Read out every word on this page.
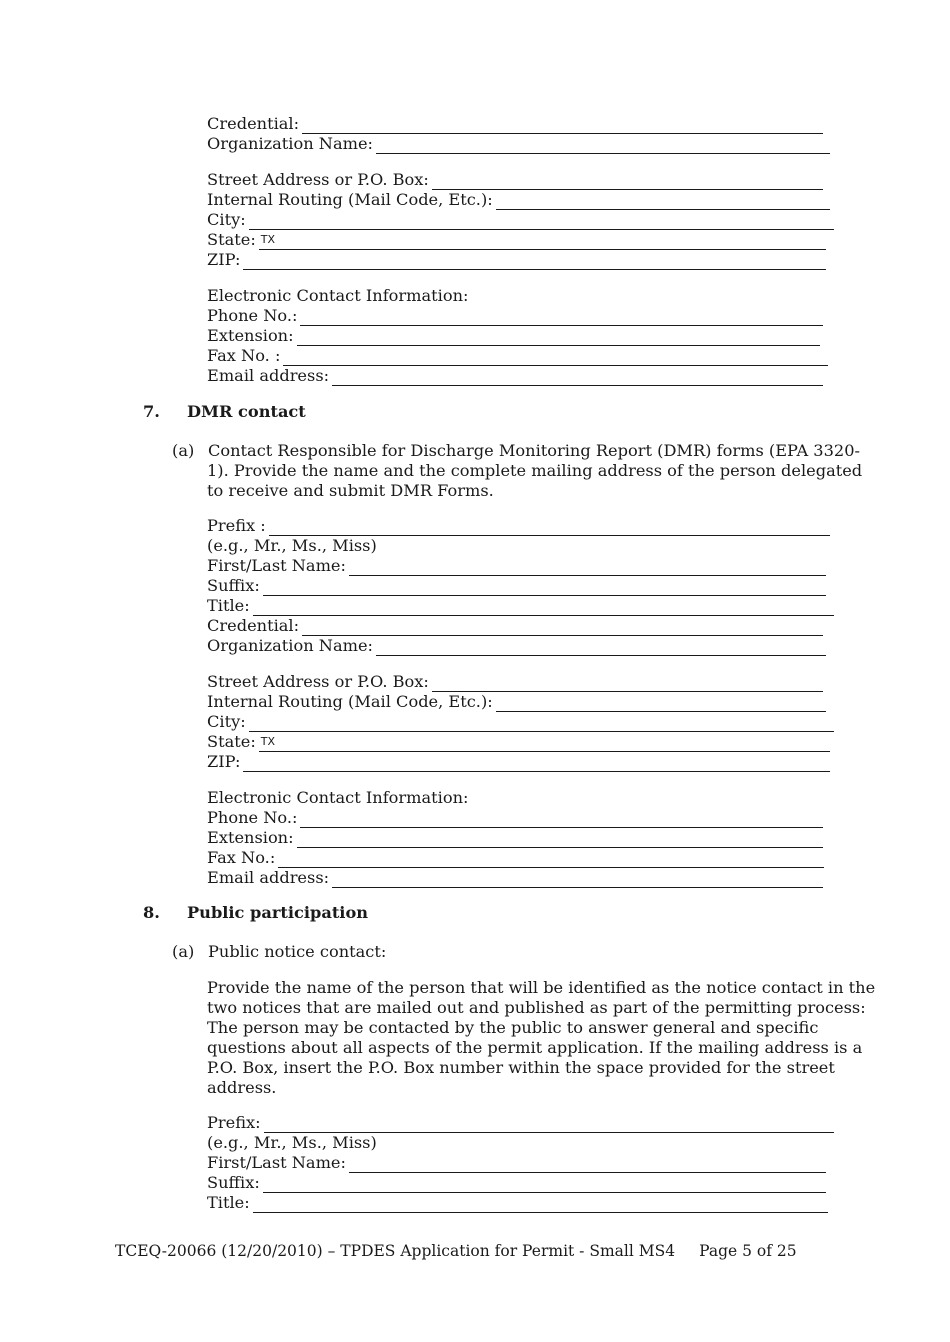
Credential:
Organization Name:
Street Address or P.O. Box:
Internal Routing (Mail Code, Etc.):
City:
State: TX
ZIP:
Electronic Contact Information:
Phone No.:
Extension:
Fax No. :
Email address:
7. DMR contact
(a) Contact Responsible for Discharge Monitoring Report (DMR) forms (EPA 3320-
1). Provide the name and the complete mailing address of the person delegated
to receive and submit DMR Forms.
Prefix :
(e.g., Mr., Ms., Miss)
First/Last Name:
Suffix:
Title:
Credential:
Organization Name:
Street Address or P.O. Box:
Internal Routing (Mail Code, Etc.):
City:
State: TX
ZIP:
Electronic Contact Information:
Phone No.:
Extension:
Fax No.:
Email address:
8. Public participation
(a) Public notice contact:
Provide the name of the person that will be identified as the notice contact in the
two notices that are mailed out and published as part of the permitting process:
The person may be contacted by the public to answer general and specific
questions about all aspects of the permit application. If the mailing address is a
P.O. Box, insert the P.O. Box number within the space provided for the street
address.
Prefix:
(e.g., Mr., Ms., Miss)
First/Last Name:
Suffix:
Title:
TCEQ-20066 (12/20/2010) – TPDES Application for Permit - Small MS4 Page 5 of 25
